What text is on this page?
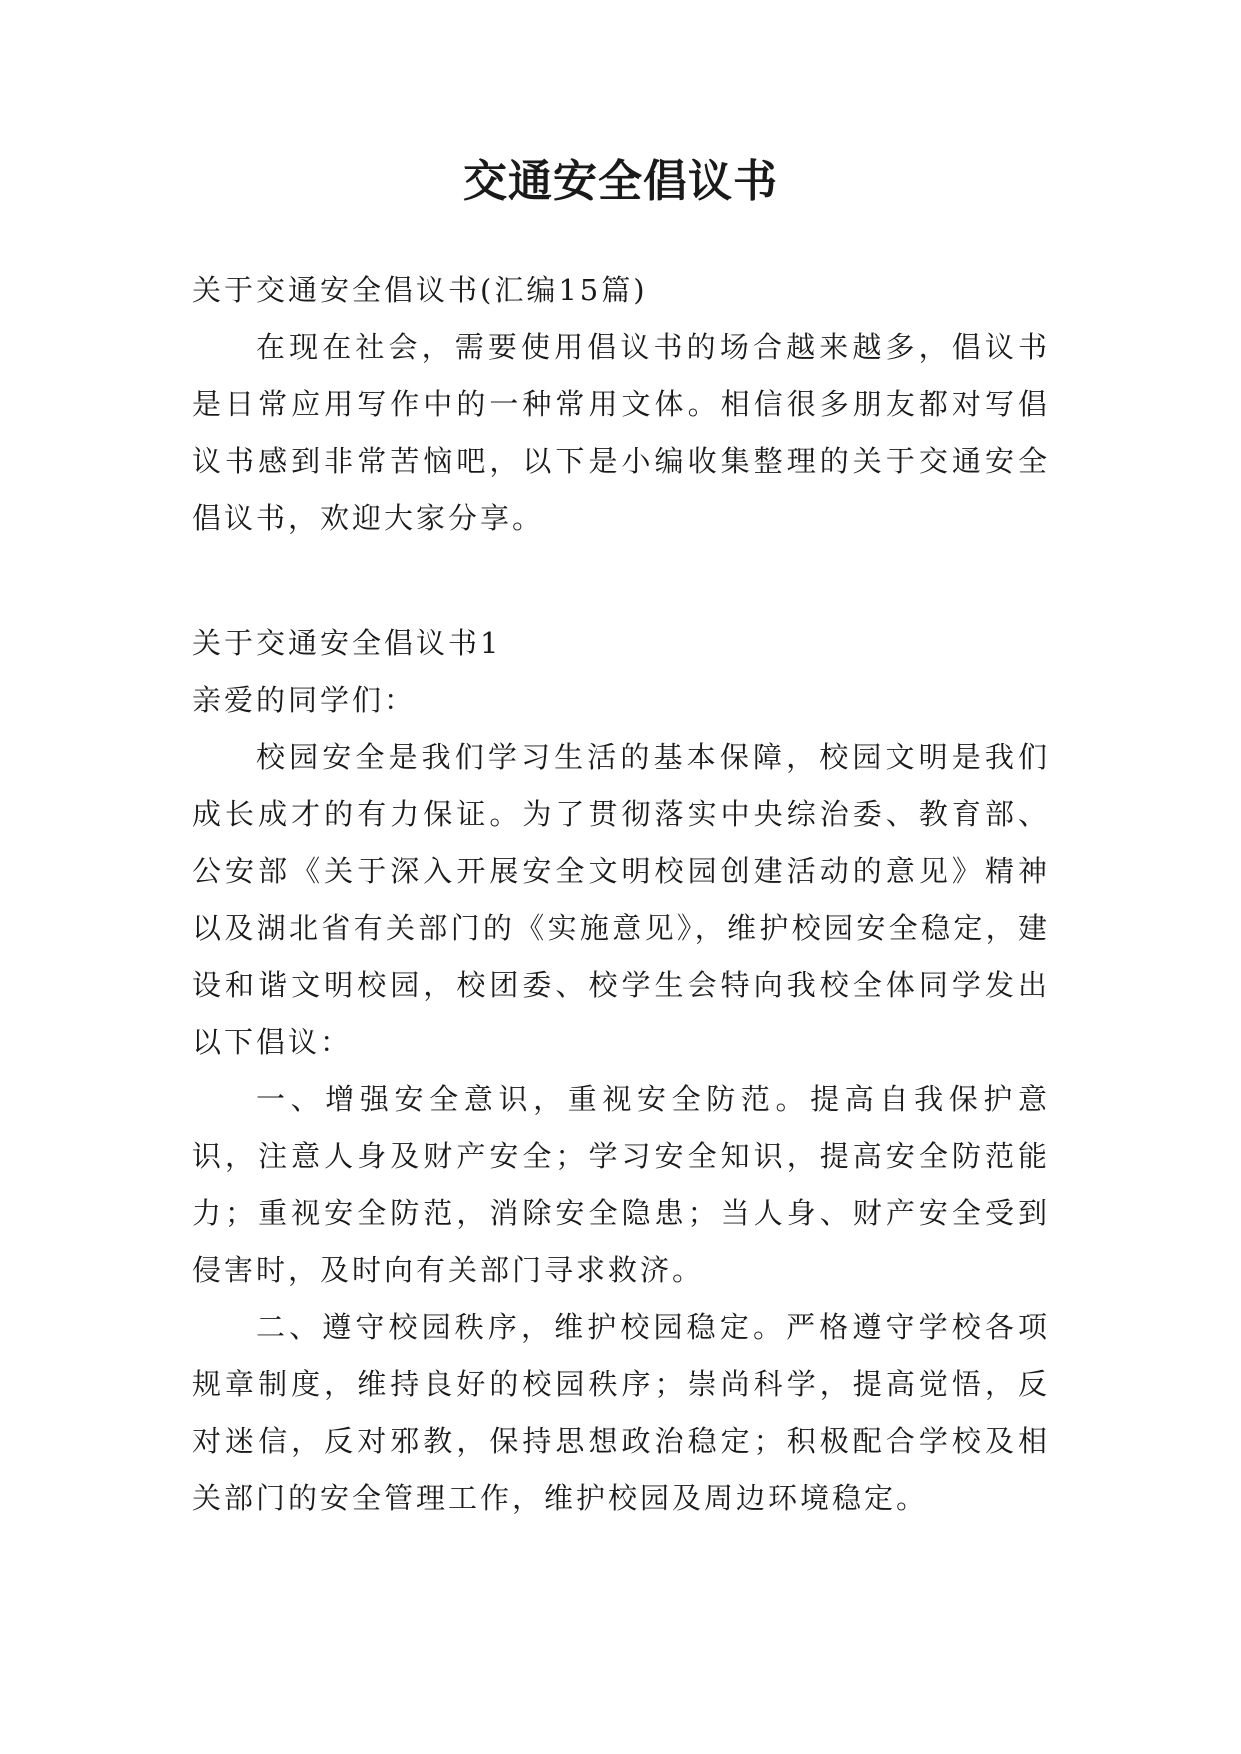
交通安全倡议书

关于交通安全倡议书(汇编15篇)

在现在社会，需要使用倡议书的场合越来越多，倡议书是日常应用写作中的一种常用文体。相信很多朋友都对写倡议书感到非常苦恼吧，以下是小编收集整理的关于交通安全倡议书，欢迎大家分享。

关于交通安全倡议书1

亲爱的同学们：

校园安全是我们学习生活的基本保障，校园文明是我们成长成才的有力保证。为了贯彻落实中央综治委、教育部、公安部《关于深入开展安全文明校园创建活动的意见》精神以及湖北省有关部门的《实施意见》，维护校园安全稳定，建设和谐文明校园，校团委、校学生会特向我校全体同学发出以下倡议：

一、增强安全意识，重视安全防范。提高自我保护意识，注意人身及财产安全；学习安全知识，提高安全防范能力；重视安全防范，消除安全隐患；当人身、财产安全受到侵害时，及时向有关部门寻求救济。

二、遵守校园秩序，维护校园稳定。严格遵守学校各项规章制度，维持良好的校园秩序；崇尚科学，提高觉悟，反对迷信，反对邪教，保持思想政治稳定；积极配合学校及相关部门的安全管理工作，维护校园及周边环境稳定。
